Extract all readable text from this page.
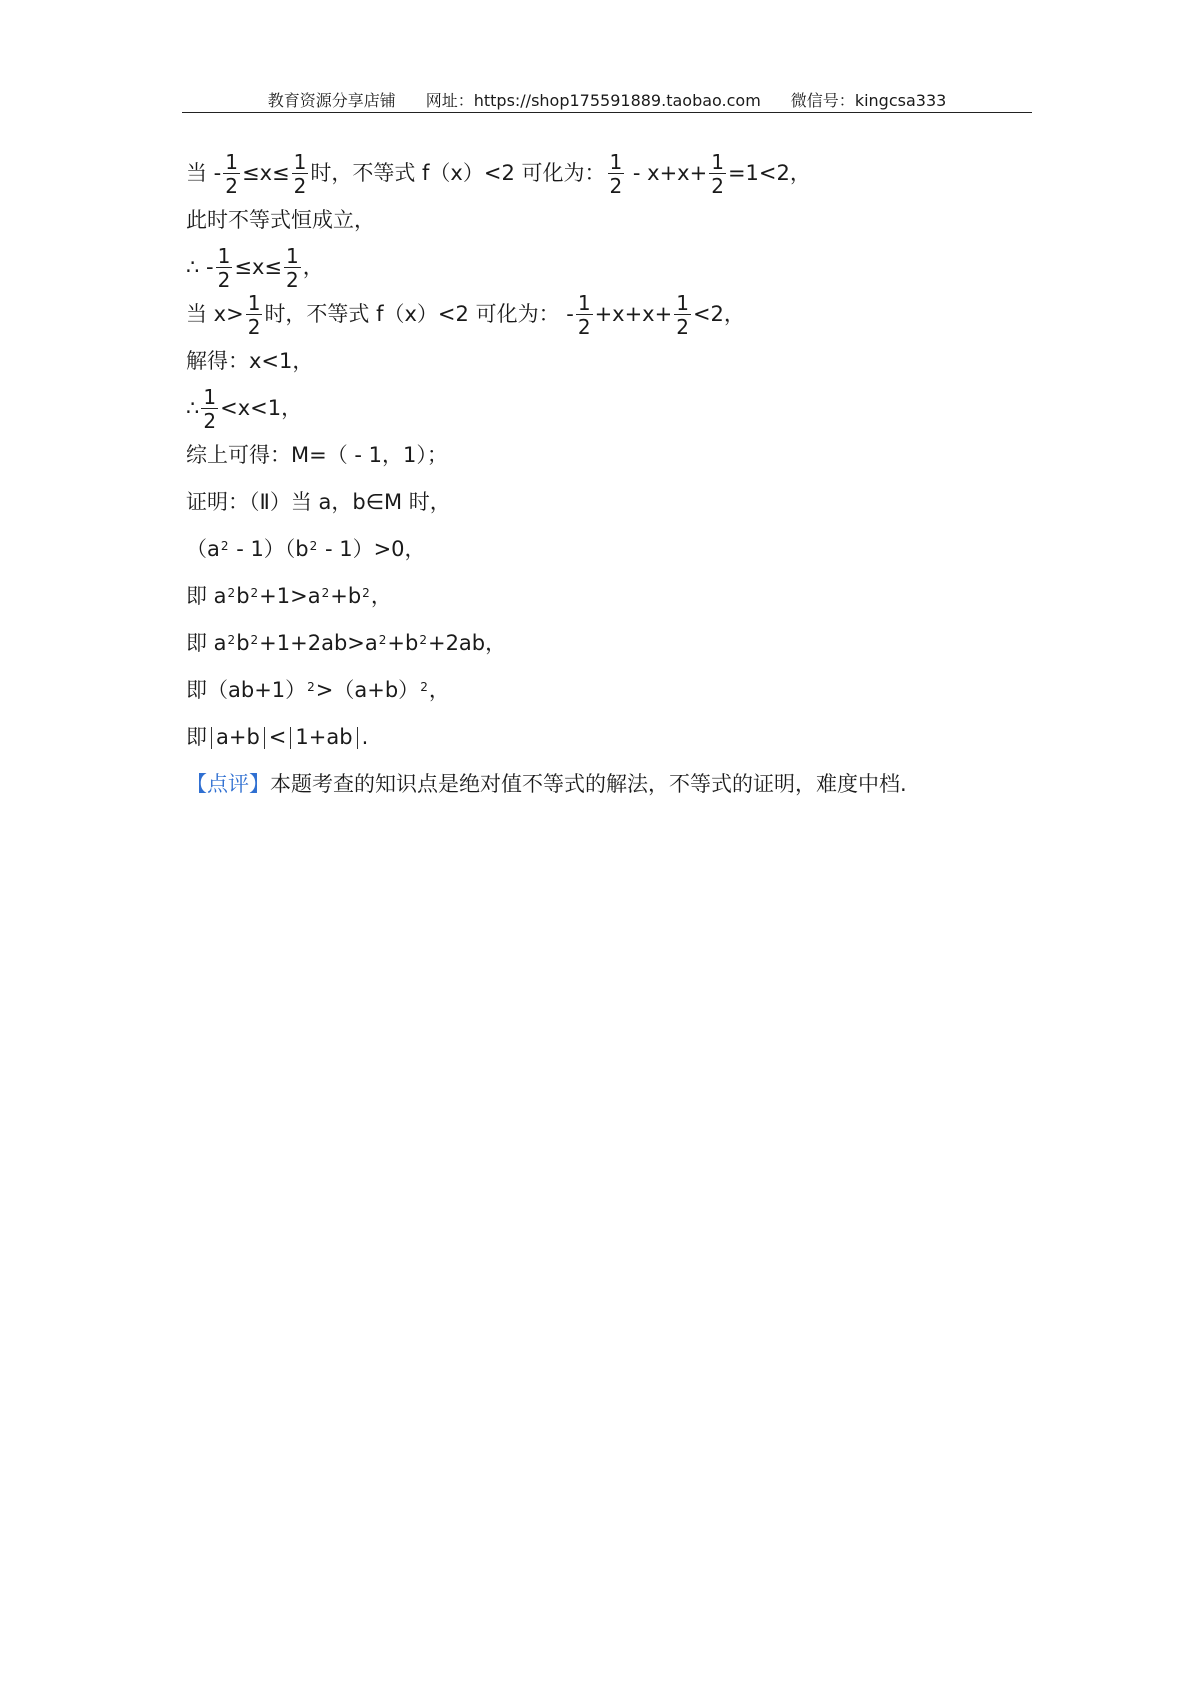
教育资源分享店铺 网址：https://shop175591889.taobao.com 微信号：kingcsa333
当 - $\frac{1}{2} \le x\le \frac{1}{2}$ 时，不等式 f（x）<2 可化为： $\frac{1}{2} - x+x+ \frac{1}{2} =1<2$，
此时不等式恒成立，
∴ - $\frac{1}{2} \le x\le \frac{1}{2}$ ，
当 $x> \frac{1}{2}$ 时，不等式 f（x）<2 可化为： - $\frac{1}{2} +x+x+ \frac{1}{2} <2$，
解得：x<1，
∴ $\frac{1}{2} <x<1$，
综上可得：M=（ - 1，1）；
证明：（Ⅱ）当 a，b∈M 时，
$(a^2 - 1)(b^2 - 1)>0$，
即 $a^2$ $b^2 +1>a^2 +b^2$ ，
即 $a^2$ $b^2 +1+2ab>a^2 +b^2 +2ab$，
即$(ab+1)^2 >(a+b)^2$ ，
即 a+b < 1+ab .
【点评】 本题考查的知识点是绝对值不等式的解法，不等式的证明，难度中档.
